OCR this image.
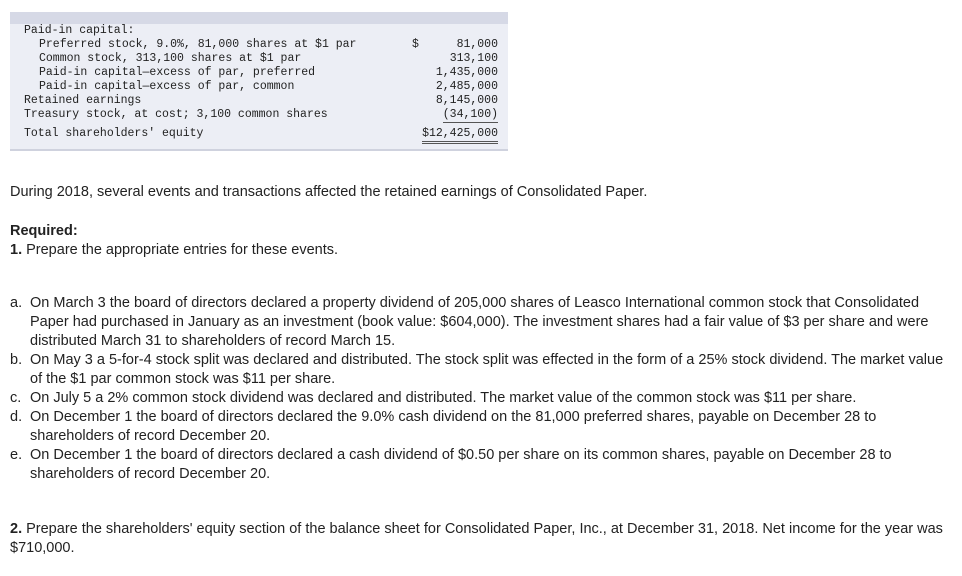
Paid-in capital:
Preferred stock, 9.0%, 81,000 shares at $1 par	$	81,000
Common stock, 313,100 shares at $1 par	313,100
Paid-in capital—excess of par, preferred	1,435,000
Paid-in capital—excess of par, common	2,485,000
Retained earnings	8,145,000
Treasury stock, at cost; 3,100 common shares	(34,100)
Total shareholders' equity	$12,425,000

During 2018, several events and transactions affected the retained earnings of Consolidated Paper.

Required:

1. Prepare the appropriate entries for these events.

a. On March 3 the board of directors declared a property dividend of 205,000 shares of Leasco International common stock that Consolidated Paper had purchased in January as an investment (book value: $604,000). The investment shares had a fair value of $3 per share and were distributed March 31 to shareholders of record March 15.
b. On May 3 a 5-for-4 stock split was declared and distributed. The stock split was effected in the form of a 25% stock dividend. The market value of the $1 par common stock was $11 per share.
c. On July 5 a 2% common stock dividend was declared and distributed. The market value of the common stock was $11 per share.
d. On December 1 the board of directors declared the 9.0% cash dividend on the 81,000 preferred shares, payable on December 28 to shareholders of record December 20.
e. On December 1 the board of directors declared a cash dividend of $0.50 per share on its common shares, payable on December 28 to shareholders of record December 20.

2. Prepare the shareholders' equity section of the balance sheet for Consolidated Paper, Inc., at December 31, 2018. Net income for the year was $710,000.
